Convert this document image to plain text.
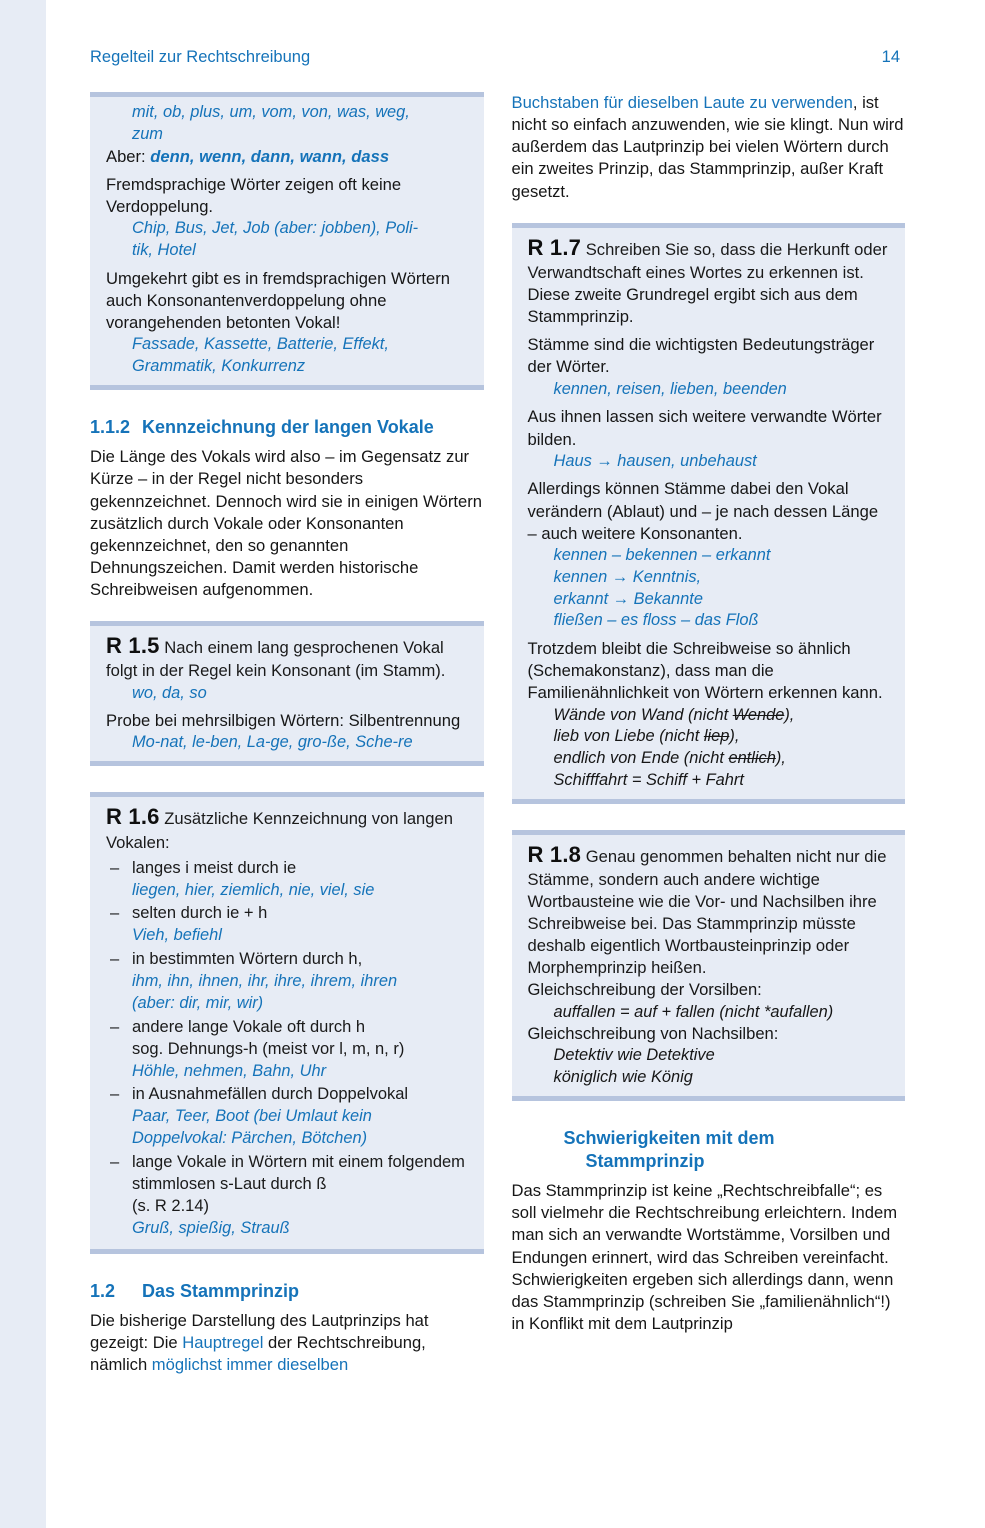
Regelteil zur Rechtschreibung	14
mit, ob, plus, um, vom, von, was, weg,
zum
Aber: denn, wenn, dann, wann, dass
Fremdsprachige Wörter zeigen oft keine Verdoppelung.
Chip, Bus, Jet, Job (aber: jobben), Poli-
tik, Hotel
Umgekehrt gibt es in fremdsprachigen Wörtern auch Konsonantenverdoppelung ohne vorangehenden betonten Vokal!
Fassade, Kassette, Batterie, Effekt,
Grammatik, Konkurrenz
1.1.2 Kennzeichnung der langen Vokale
Die Länge des Vokals wird also – im Gegensatz zur Kürze – in der Regel nicht besonders gekennzeichnet. Dennoch wird sie in einigen Wörtern zusätzlich durch Vokale oder Konsonanten gekennzeichnet, den so genannten Dehnungszeichen. Damit werden historische Schreibweisen aufgenommen.
R 1.5 Nach einem lang gesprochenen Vokal folgt in der Regel kein Konsonant (im Stamm).
wo, da, so
Probe bei mehrsilbigen Wörtern: Silbentrennung
Mo-nat, le-ben, La-ge, gro-ße, Sche-re
R 1.6 Zusätzliche Kennzeichnung von langen Vokalen:
– langes i meist durch ie
liegen, hier, ziemlich, nie, viel, sie
– selten durch ie + h
Vieh, befiehl
– in bestimmten Wörtern durch h,
ihm, ihn, ihnen, ihr, ihre, ihrem, ihren
(aber: dir, mir, wir)
– andere lange Vokale oft durch h
sog. Dehnungs-h (meist vor l, m, n, r)
Höhle, nehmen, Bahn, Uhr
– in Ausnahmefällen durch Doppelvokal
Paar, Teer, Boot (bei Umlaut kein
Doppelvokal: Pärchen, Bötchen)
– lange Vokale in Wörtern mit einem folgendem stimmlosen s-Laut durch ß
(s. R 2.14)
Gruß, spießig, Strauß
1.2 Das Stammprinzip
Die bisherige Darstellung des Lautprinzips hat gezeigt: Die Hauptregel der Rechtschreibung, nämlich möglichst immer dieselben
Buchstaben für dieselben Laute zu verwenden, ist nicht so einfach anzuwenden, wie sie klingt. Nun wird außerdem das Lautprinzip bei vielen Wörtern durch ein zweites Prinzip, das Stammprinzip, außer Kraft gesetzt.
R 1.7 Schreiben Sie so, dass die Herkunft oder Verwandtschaft eines Wortes zu erkennen ist.
Diese zweite Grundregel ergibt sich aus dem Stammprinzip.
Stämme sind die wichtigsten Bedeutungsträger der Wörter.
kennen, reisen, lieben, beenden
Aus ihnen lassen sich weitere verwandte Wörter bilden.
Haus → hausen, unbehaust
Allerdings können Stämme dabei den Vokal verändern (Ablaut) und – je nach dessen Länge – auch weitere Konsonanten.
kennen – bekennen – erkannt
kennen → Kenntnis,
erkannt → Bekannte
fließen – es floss – das Floß
Trotzdem bleibt die Schreibweise so ähnlich (Schemakonstanz), dass man die Familienähnlichkeit von Wörtern erkennen kann.
Wände von Wand (nicht Wende),
lieb von Liebe (nicht liep),
endlich von Ende (nicht entlich),
Schifffahrt = Schiff + Fahrt
R 1.8 Genau genommen behalten nicht nur die Stämme, sondern auch andere wichtige Wortbausteine wie die Vor- und Nachsilben ihre Schreibweise bei. Das Stammprinzip müsste deshalb eigentlich Wortbausteinprinzip oder Morphemprinzip heißen.
Gleichschreibung der Vorsilben:
auffallen = auf + fallen (nicht *aufallen)
Gleichschreibung von Nachsilben:
Detektiv wie Detektive
königlich wie König
Schwierigkeiten mit dem
Stammprinzip
Das Stammprinzip ist keine „Rechtschreibfalle“; es soll vielmehr die Rechtschreibung erleichtern. Indem man sich an verwandte Wortstämme, Vorsilben und Endungen erinnert, wird das Schreiben vereinfacht. Schwierigkeiten ergeben sich allerdings dann, wenn das Stammprinzip (schreiben Sie „familienähnlich“!) in Konflikt mit dem Lautprinzip
